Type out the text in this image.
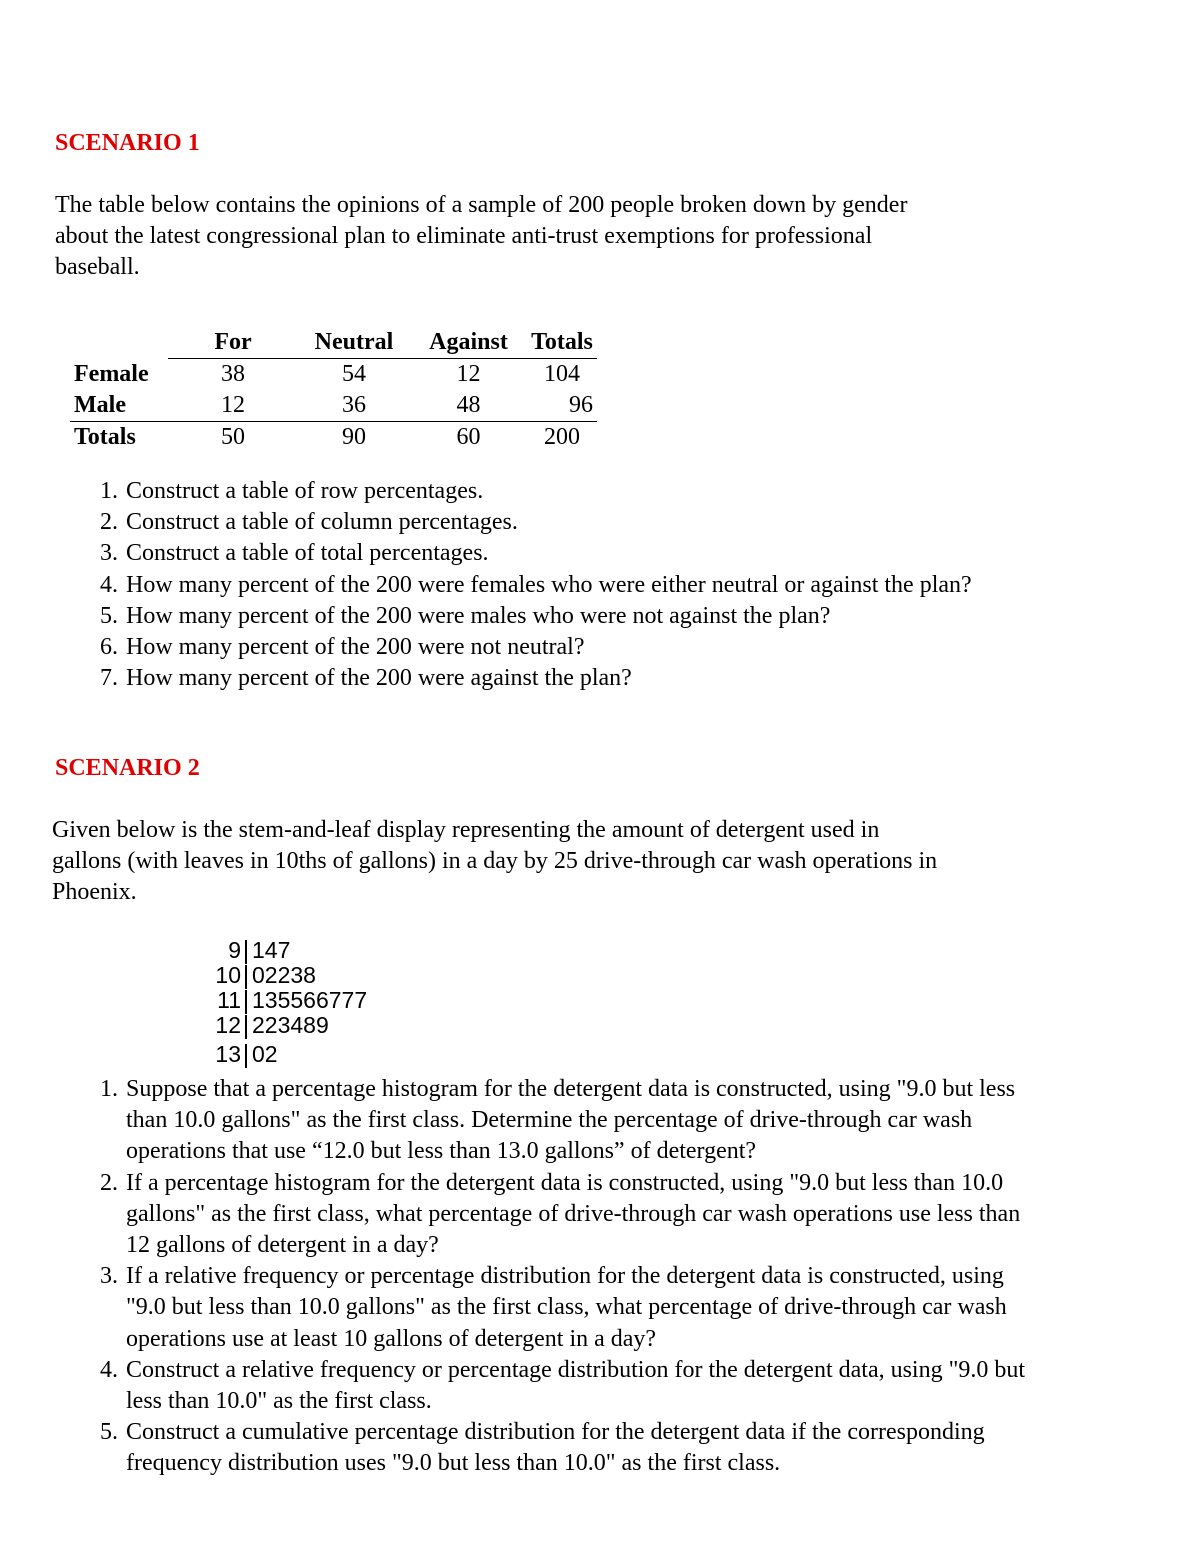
SCENARIO 1
The table below contains the opinions of a sample of 200 people broken down by gender
about the latest congressional plan to eliminate anti-trust exemptions for professional
baseball.
		For	Neutral	Against	Totals
Female		38	54	12	104
Male		12	36	48	96
Totals		50	90	60	200
1. Construct a table of row percentages.
2. Construct a table of column percentages.
3. Construct a table of total percentages.
4. How many percent of the 200 were females who were either neutral or against the plan?
5. How many percent of the 200 were males who were not against the plan?
6. How many percent of the 200 were not neutral?
7. How many percent of the 200 were against the plan?
SCENARIO 2
Given below is the stem-and-leaf display representing the amount of detergent used in
gallons (with leaves in 10ths of gallons) in a day by 25 drive-through car wash operations in
Phoenix.
9 147
10 02238
11 135566777
12 223489
13 02
1. Suppose that a percentage histogram for the detergent data is constructed, using "9.0 but less
than 10.0 gallons" as the first class. Determine the percentage of drive-through car wash
operations that use “12.0 but less than 13.0 gallons” of detergent?
2. If a percentage histogram for the detergent data is constructed, using "9.0 but less than 10.0
gallons" as the first class, what percentage of drive-through car wash operations use less than
12 gallons of detergent in a day?
3. If a relative frequency or percentage distribution for the detergent data is constructed, using
"9.0 but less than 10.0 gallons" as the first class, what percentage of drive-through car wash
operations use at least 10 gallons of detergent in a day?
4. Construct a relative frequency or percentage distribution for the detergent data, using "9.0 but
less than 10.0" as the first class.
5. Construct a cumulative percentage distribution for the detergent data if the corresponding
frequency distribution uses "9.0 but less than 10.0" as the first class.
